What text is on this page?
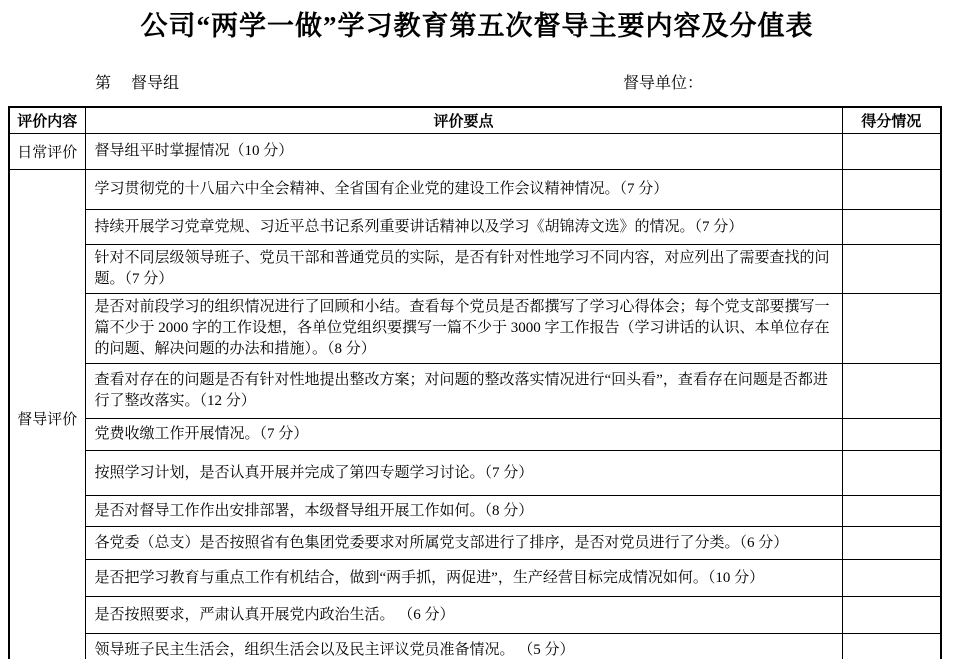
公司“两学一做”学习教育第五次督导主要内容及分值表
第　 督导组	督导单位：
评价内容	评价要点	得分情况
日常评价	督导组平时掌握情况（10 分）	
督导评价	学习贯彻党的十八届六中全会精神、全省国有企业党的建设工作会议精神情况。（7 分）	
	持续开展学习党章党规、习近平总书记系列重要讲话精神以及学习《胡锦涛文选》的情况。（7 分）	
	针对不同层级领导班子、党员干部和普通党员的实际，是否有针对性地学习不同内容，对应列出了需要查找的问题。（7 分）	
	是否对前段学习的组织情况进行了回顾和小结。查看每个党员是否都撰写了学习心得体会；每个党支部要撰写一篇不少于 2000 字的工作设想，各单位党组织要撰写一篇不少于 3000 字工作报告（学习讲话的认识、本单位存在的问题、解决问题的办法和措施）。（8 分）	
	查看对存在的问题是否有针对性地提出整改方案；对问题的整改落实情况进行“回头看”，查看存在问题是否都进行了整改落实。（12 分）	
	党费收缴工作开展情况。（7 分）	
	按照学习计划，是否认真开展并完成了第四专题学习讨论。（7 分）	
	是否对督导工作作出安排部署，本级督导组开展工作如何。（8 分）	
	各党委（总支）是否按照省有色集团党委要求对所属党支部进行了排序，是否对党员进行了分类。（6 分）	
	是否把学习教育与重点工作有机结合，做到“两手抓，两促进”，生产经营目标完成情况如何。（10 分）	
	是否按照要求，严肃认真开展党内政治生活。 （6 分）	
	领导班子民主生活会，组织生活会以及民主评议党员准备情况。 （5 分）	
